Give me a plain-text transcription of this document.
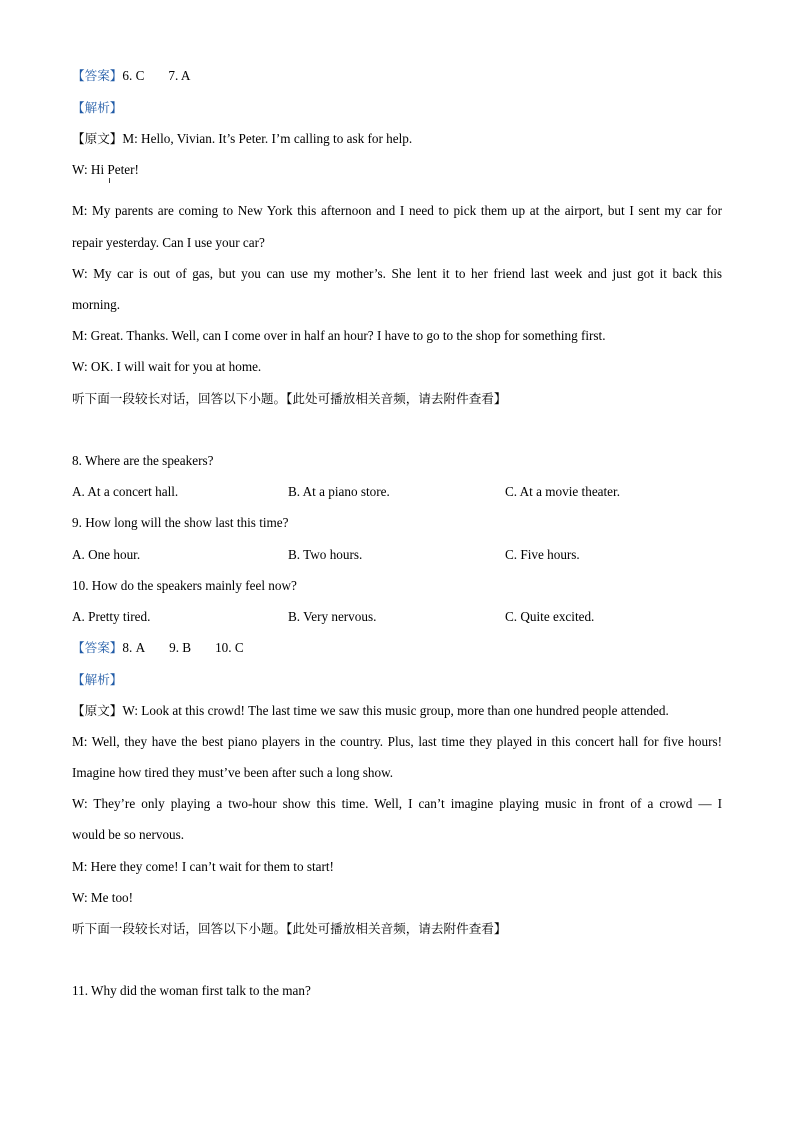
【答案】6. C 7. A
【解析】
【原文】M: Hello, Vivian. It’s Peter. I’m calling to ask for help.
W: Hi Peter!
M: My parents are coming to New York this afternoon and I need to pick them up at the airport, but I sent my car for
repair yesterday. Can I use your car?
W: My car is out of gas, but you can use my mother’s. She lent it to her friend last week and just got it back this
morning.
M: Great. Thanks. Well, can I come over in half an hour? I have to go to the shop for something first.
W: OK. I will wait for you at home.
听下面一段较长对话，回答以下小题。【此处可播放相关音频，请去附件查看】
8. Where are the speakers?
A. At a concert hall.	B. At a piano store.	C. At a movie theater.
9. How long will the show last this time?
A. One hour.	B. Two hours.	C. Five hours.
10. How do the speakers mainly feel now?
A. Pretty tired.	B. Very nervous.	C. Quite excited.
【答案】8. A 9. B 10. C
【解析】
【原文】W: Look at this crowd! The last time we saw this music group, more than one hundred people attended.
M: Well, they have the best piano players in the country. Plus, last time they played in this concert hall for five hours!
Imagine how tired they must’ve been after such a long show.
W: They’re only playing a two-hour show this time. Well, I can’t imagine playing music in front of a crowd — I
would be so nervous.
M: Here they come! I can’t wait for them to start!
W: Me too!
听下面一段较长对话，回答以下小题。【此处可播放相关音频，请去附件查看】
11. Why did the woman first talk to the man?
